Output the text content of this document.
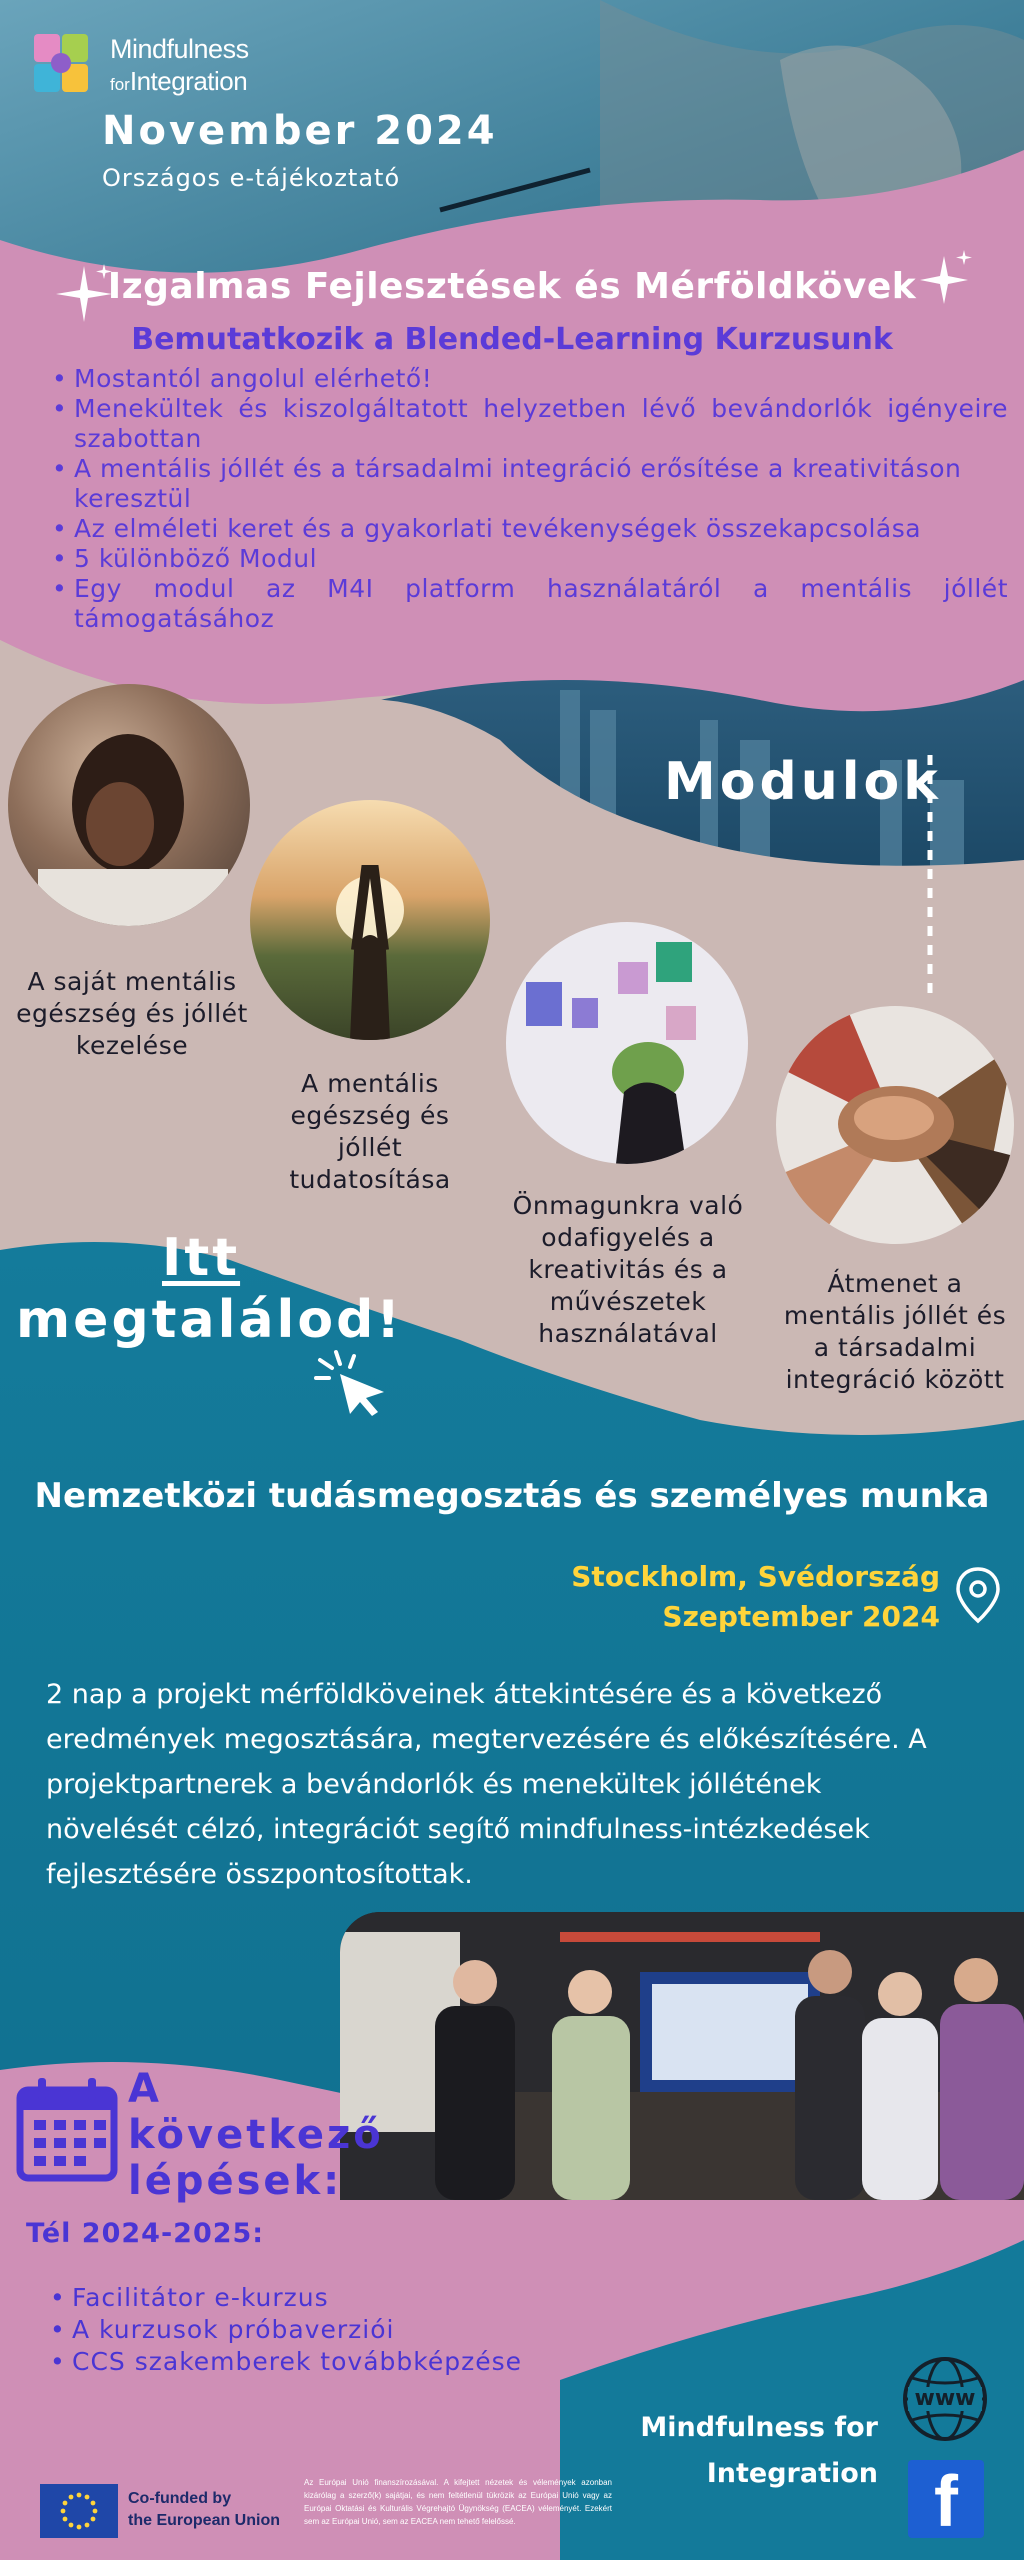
Mindfulness
forIntegration
November 2024
Országos e-tájékoztató
Izgalmas Fejlesztések és Mérföldkövek
Bemutatkozik a Blended-Learning Kurzusunk
• Mostantól angolul elérhető!
• Menekültek és kiszolgáltatott helyzetben lévő bevándorlók igényeire szabottan
• A mentális jóllét és a társadalmi integráció erősítése a kreativitáson keresztül
• Az elméleti keret és a gyakorlati tevékenységek összekapcsolása
• 5 különböző Modul
• Egy modul az M4I platform használatáról a mentális jóllét támogatásához
Modulok
A saját mentális egészség és jóllét kezelése
A mentális egészség és jóllét tudatosítása
Önmagunkra való odafigyelés a kreativitás és a művészetek használatával
Átmenet a mentális jóllét és a társadalmi integráció között
Itt
megtalálod!
Nemzetközi tudásmegosztás és személyes munka
Stockholm, Svédország
Szeptember 2024
2 nap a projekt mérföldköveinek áttekintésére és a következő eredmények megosztására, megtervezésére és előkészítésére. A projektpartnerek a bevándorlók és menekültek jóllétének növelését célzó, integrációt segítő mindfulness-intézkedések fejlesztésére összpontosítottak.
A
következő
lépések:
Tél 2024-2025:
• Facilitátor e-kurzus
• A kurzusok próbaverziói
• CCS szakemberek továbbképzése
Mindfulness for
Integration
www
f
Co-funded by
the European Union
Az Európai Unió finanszírozásával. A kifejtett nézetek és vélemények azonban kizárólag a szerző(k) sajátjai, és nem feltétlenül tükrözik az Európai Unió vagy az Európai Oktatási és Kulturális Végrehajtó Ügynökség (EACEA) véleményét. Ezekért sem az Európai Unió, sem az EACEA nem tehető felelőssé.
